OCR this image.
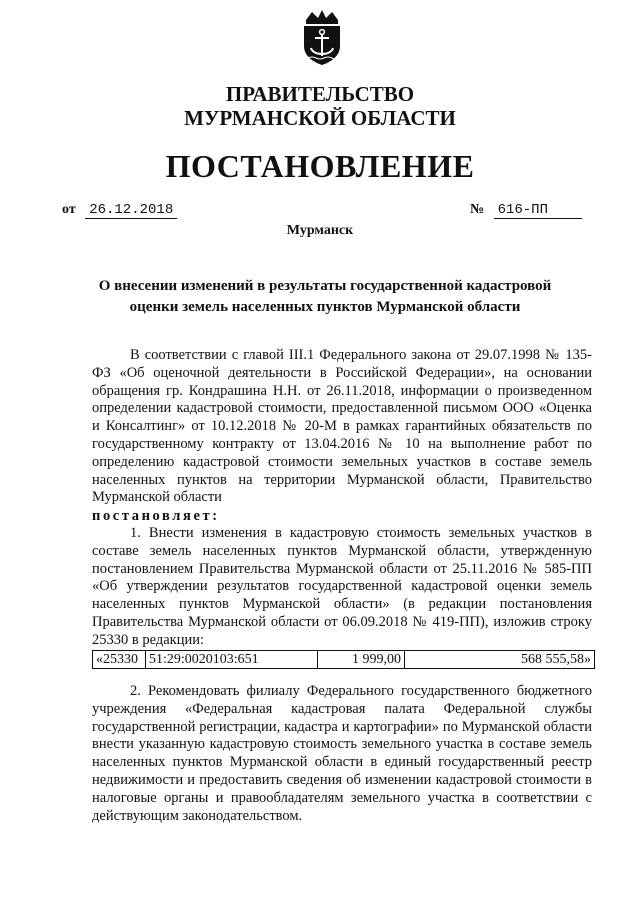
ПРАВИТЕЛЬСТВО
МУРМАНСКОЙ ОБЛАСТИ
ПОСТАНОВЛЕНИЕ
от 26.12.2018	№ 616-ПП
Мурманск
О внесении изменений в результаты государственной кадастровой
оценки земель населенных пунктов Мурманской области
В соответствии с главой III.1 Федерального закона от 29.07.1998 № 135-ФЗ «Об оценочной деятельности в Российской Федерации», на основании обращения гр. Кондрашина Н.Н. от 26.11.2018, информации о произведенном определении кадастровой стоимости, предоставленной письмом ООО «Оценка и Консалтинг» от 10.12.2018 № 20-М в рамках гарантийных обязательств по государственному контракту от 13.04.2016 № 10 на выполнение работ по определению кадастровой стоимости земельных участков в составе земель населенных пунктов на территории Мурманской области, Правительство Мурманской области
постановляет:
1. Внести изменения в кадастровую стоимость земельных участков в составе земель населенных пунктов Мурманской области, утвержденную постановлением Правительства Мурманской области от 25.11.2016 № 585-ПП «Об утверждении результатов государственной кадастровой оценки земель населенных пунктов Мурманской области» (в редакции постановления Правительства Мурманской области от 06.09.2018 № 419-ПП), изложив строку 25330 в редакции:
«25330	51:29:0020103:651	1 999,00	568 555,58»
2. Рекомендовать филиалу Федерального государственного бюджетного учреждения «Федеральная кадастровая палата Федеральной службы государственной регистрации, кадастра и картографии» по Мурманской области внести указанную кадастровую стоимость земельного участка в составе земель населенных пунктов Мурманской области в единый государственный реестр недвижимости и предоставить сведения об изменении кадастровой стоимости в налоговые органы и правообладателям земельного участка в соответствии с действующим законодательством.
